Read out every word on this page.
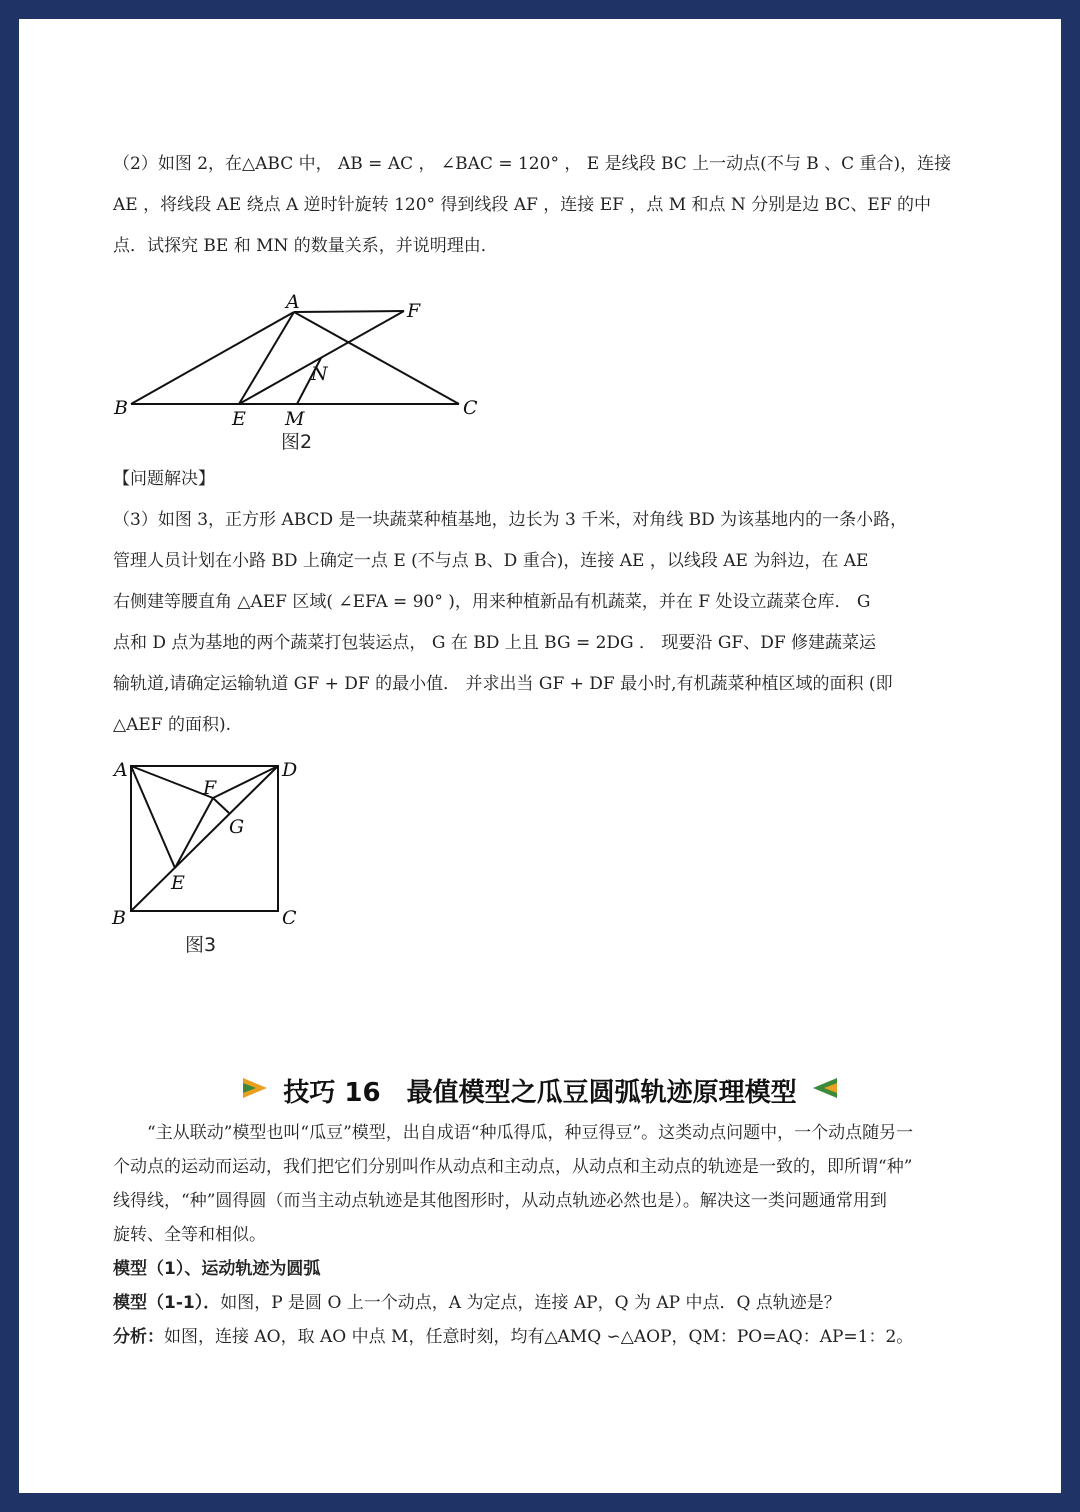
（2）如图 2，在△ABC 中， AB = AC ， ∠BAC = 120° ， E 是线段 BC 上一动点(不与 B 、C 重合)，连接
AE ，将线段 AE 绕点 A 逆时针旋转 120° 得到线段 AF ，连接 EF ，点 M 和点 N 分别是边 BC、EF 的中
点．试探究 BE 和 MN 的数量关系，并说明理由．

A	F
N
B	E M	C
图2
【问题解决】

（3）如图 3，正方形 ABCD 是一块蔬菜种植基地，边长为 3 千米，对角线 BD 为该基地内的一条小路，
管理人员计划在小路 BD 上确定一点 E (不与点 B、D 重合)，连接 AE ，以线段 AE 为斜边，在 AE
右侧建等腰直角 △AEF 区域( ∠EFA = 90° )，用来种植新品有机蔬菜，并在 F 处设立蔬菜仓库． G
点和 D 点为基地的两个蔬菜打包装运点， G 在 BD 上且 BG = 2DG ． 现要沿 GF、DF 修建蔬菜运
输轨道,请确定运输轨道 GF + DF 的最小值． 并求出当 GF + DF 最小时,有机蔬菜种植区域的面积 (即
△AEF 的面积).

A	D
F
G
E
B	C
图3
技巧 16　最值模型之瓜豆圆弧轨迹原理模型

“主从联动”模型也叫“瓜豆”模型，出自成语“种瓜得瓜，种豆得豆”。这类动点问题中，一个动点随另一
个动点的运动而运动，我们把它们分别叫作从动点和主动点，从动点和主动点的轨迹是一致的，即所谓“种”
线得线，“种”圆得圆（而当主动点轨迹是其他图形时，从动点轨迹必然也是）。解决这一类问题通常用到
旋转、全等和相似。

模型（1）、运动轨迹为圆弧
模型（1-1）．如图，P 是圆 O 上一个动点，A 为定点，连接 AP，Q 为 AP 中点．Q 点轨迹是？
分析：如图，连接 AO，取 AO 中点 M，任意时刻，均有△AMQ ∽△AOP，QM：PO=AQ：AP=1：2。
